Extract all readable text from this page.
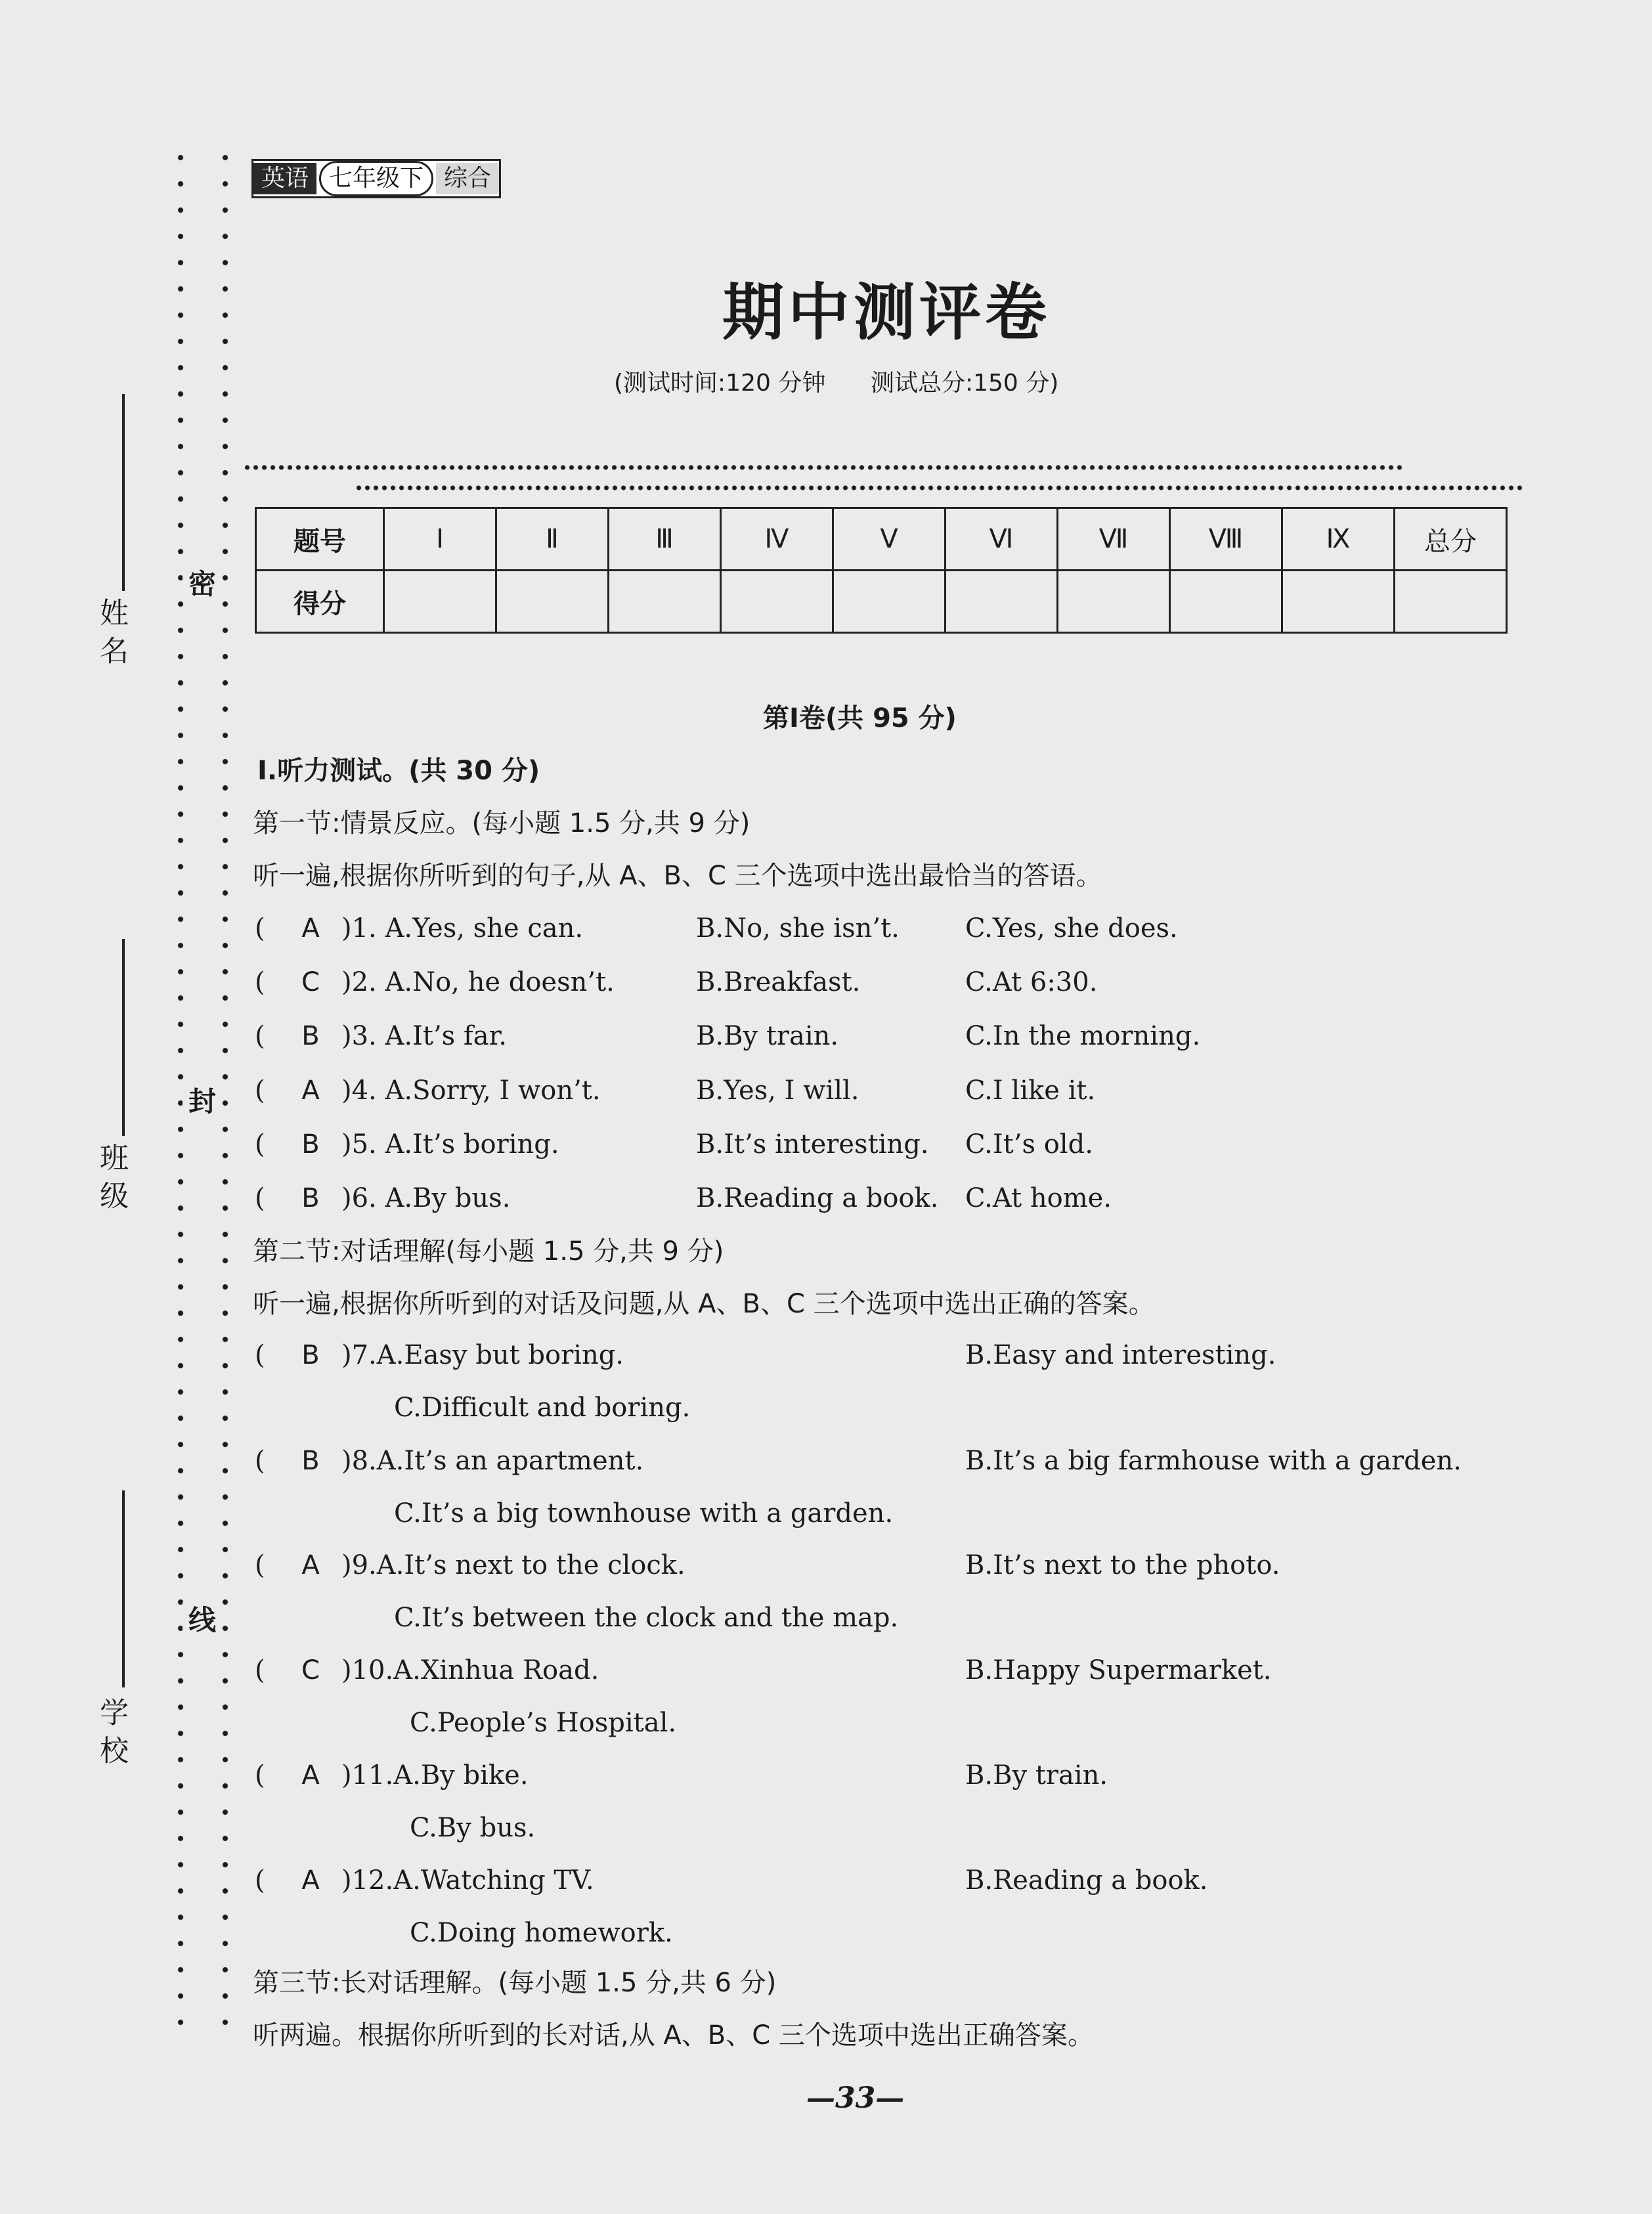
密
封
线
姓 名
班 级
学 校
英语 七年级下 综合
期中测评卷
(测试时间:120 分钟      测试总分:150 分)
题号	Ⅰ	Ⅱ	Ⅲ	Ⅳ	Ⅴ	Ⅵ	Ⅶ	Ⅷ	Ⅸ	总分
得分										
第Ⅰ卷(共 95 分)
Ⅰ.听力测试。(共 30 分)
第一节:情景反应。(每小题 1.5 分,共 9 分)
听一遍,根据你所听到的句子,从 A、B、C 三个选项中选出最恰当的答语。
( A )1. A.Yes, she can.	B.No, she isn’t.	C.Yes, she does.
( C )2. A.No, he doesn’t.	B.Breakfast.	C.At 6:30.
( B )3. A.It’s far.	B.By train.	C.In the morning.
( A )4. A.Sorry, I won’t.	B.Yes, I will.	C.I like it.
( B )5. A.It’s boring.	B.It’s interesting. C.It’s old.
( B )6. A.By bus.	B.Reading a book. C.At home.
第二节:对话理解(每小题 1.5 分,共 9 分)
听一遍,根据你所听到的对话及问题,从 A、B、C 三个选项中选出正确的答案。
( B )7.A.Easy but boring.	B.Easy and interesting.
C.Difficult and boring.
( B )8.A.It’s an apartment.	B.It’s a big farmhouse with a garden.
C.It’s a big townhouse with a garden.
( A )9.A.It’s next to the clock.	B.It’s next to the photo.
C.It’s between the clock and the map.
( C )10.A.Xinhua Road.	B.Happy Supermarket.
C.People’s Hospital.
( A )11.A.By bike.	B.By train.
C.By bus.
( A )12.A.Watching TV.	B.Reading a book.
C.Doing homework.
第三节:长对话理解。(每小题 1.5 分,共 6 分)
听两遍。根据你所听到的长对话,从 A、B、C 三个选项中选出正确答案。
—33—
